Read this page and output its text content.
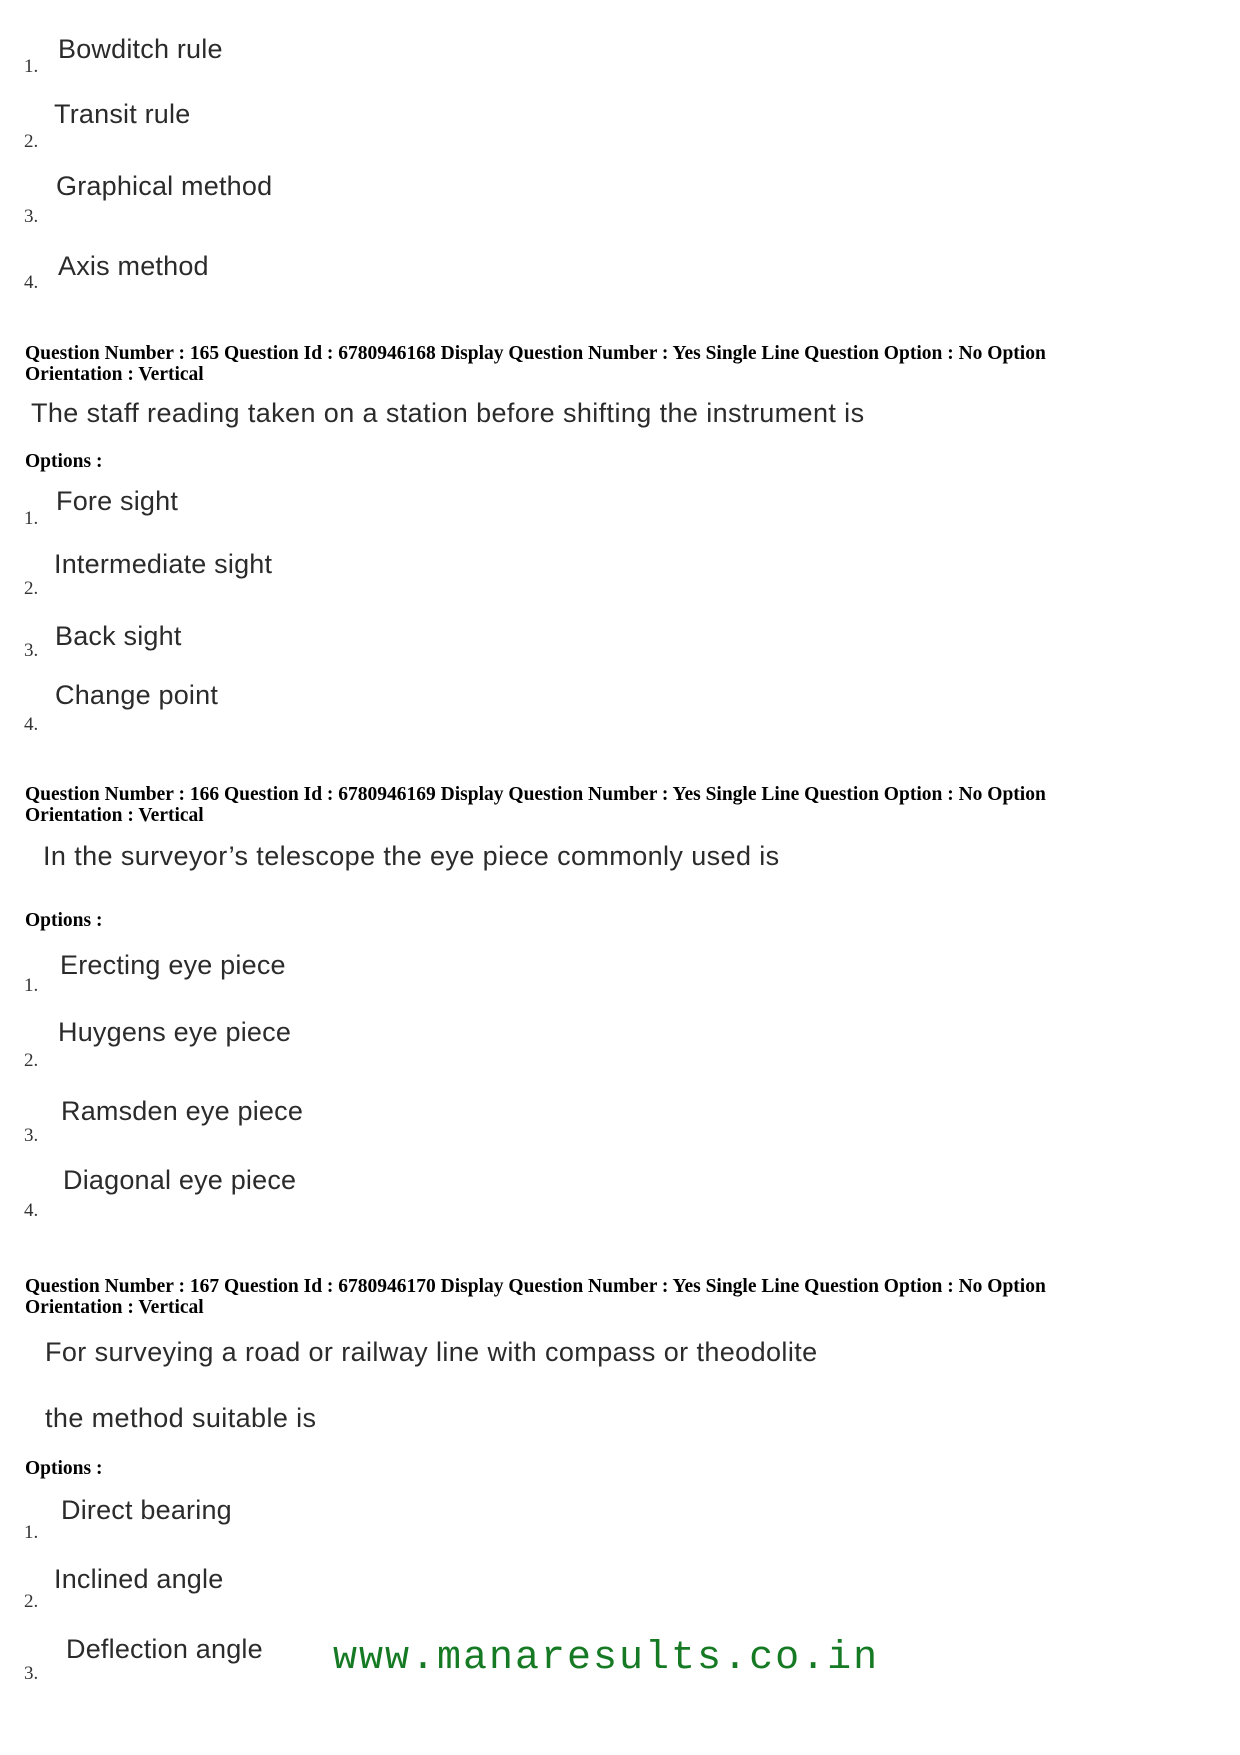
1.
Bowditch rule
2.
Transit rule
3.
Graphical method
4.
Axis method
Question Number : 165 Question Id : 6780946168 Display Question Number : Yes Single Line Question Option : No Option
Orientation : Vertical
The staff reading taken on a station before shifting the instrument is
Options :
1.
Fore sight
2.
Intermediate sight
3. Back sight
4.
Change point
Question Number : 166 Question Id : 6780946169 Display Question Number : Yes Single Line Question Option : No Option
Orientation : Vertical
In the surveyor’s telescope the eye piece commonly used is
Options :
1.
Erecting eye piece
2.
Huygens eye piece
3.
Ramsden eye piece
4.
Diagonal eye piece
Question Number : 167 Question Id : 6780946170 Display Question Number : Yes Single Line Question Option : No Option
Orientation : Vertical
For surveying a road or railway line with compass or theodolite
the method suitable is
Options :
1.
Direct bearing
2.
Inclined angle
3.
Deflection angle www.manaresults.co.in
